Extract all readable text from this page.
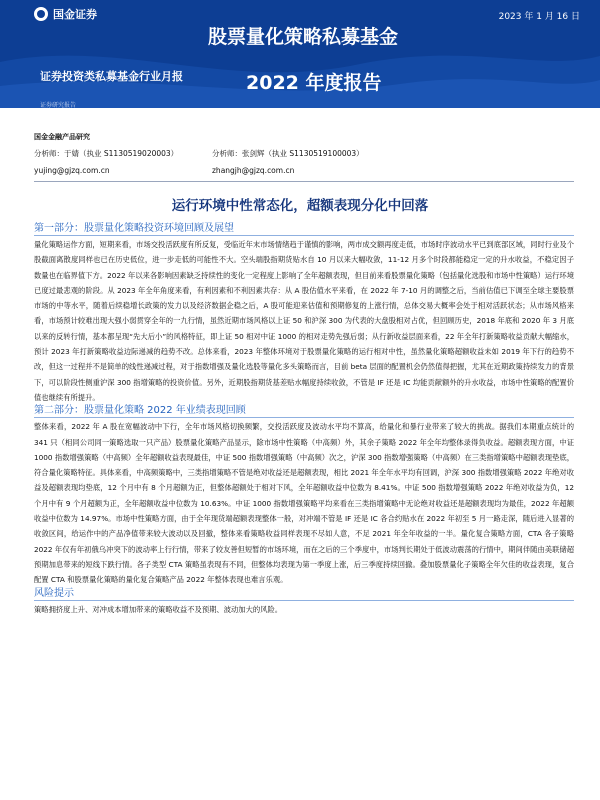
国金证券	2023 年 1 月 16 日
股票量化策略私募基金
2022 年度报告
证券投资类私募基金行业月报
证券研究报告
国金金融产品研究
分析师：于婧（执业 S1130519020003）	分析师：张剑辉（执业 S1130519100003）
yujing@gjzq.com.cn	zhangjh@gjzq.com.cn
运行环境中性常态化，超额表现分化中回落
第一部分：股票量化策略投资环境回顾及展望

量化策略运作方面，短期来看，市场交投活跃度有所反复，受临近年末市场情绪趋于谨慎的影响，两市成交额再度走低，市场时序波动水平已到底部区域，同时行业及个股截面离散度同样也已在历史低位，进一步走低的可能性不大。空头端股指期货贴水自 10 月以来大幅收敛，11-12 月多个时段都能稳定一定的升水收益，不稳定因子数量也在临界值下方。2022 年以来各影响因素缺乏持续性的变化一定程度上影响了全年超额表现，但目前来看股票量化策略（包括量化选股和市场中性策略）运行环境已度过最悲观的阶段。从 2023 年全年角度来看，有利因素和不利因素共存：从 A 股估值水平来看，在 2022 年 7-10 月的调整之后，当前估值已下调至全球主要股票市场的中等水平，随着后续稳增长政策的发力以及经济数据企稳之后，A 股可能迎来估值和预期修复的上涨行情，总体交易大概率会处于相对活跃状态；从市场风格来看，市场预计较难出现大强小弱贯穿全年的一九行情，虽然近期市场风格以上证 50 和沪深 300 为代表的大盘股相对占优，但回顾历史，2018 年底和 2020 年 3 月底以来的反转行情，基本都呈现“先大后小”的风格特征，即上证 50 相对中证 1000 的相对走势先强后弱；从行新收益层面来看，22 年全年打新策略收益贡献大幅缩水，预计 2023 年打新策略收益边际递减的趋势不改。总体来看，2023 年整体环境对于股票量化策略的运行相对中性，虽然量化策略超额收益未如 2019 年下行的趋势不改，但这一过程并不是简单的线性递减过程，对于指数增强及量化选股等量化多头策略而言，目前 beta 层面的配置机会仍然值得把握，尤其在近期政策持续发力的背景下，可以阶段性侧重沪深 300 指增策略的投资价值。另外，近期股指期货基差贴水幅度持续收敛，不管是 IF 还是 IC 均能贡献额外的升水收益，市场中性策略的配置价值也继续有所提升。

第二部分：股票量化策略 2022 年业绩表现回顾

整体来看，2022 年 A 股在宽幅波动中下行，全年市场风格切换频繁，交投活跃度及波动水平均不算高，给量化和暴行业带来了较大的挑战。据我们本期重点统计的 341 只（相同公司同一策略选取一只产品）股票量化策略产品显示，除市场中性策略（中高频）外，其余子策略 2022 年全年均整体录得负收益。超额表现方面，中证 1000 指数增强策略（中高频）全年超额收益表现最佳，中证 500 指数增强策略（中高频）次之，沪深 300 指数增强策略（中高频）在三类指增策略中超额表现垫底，符合量化策略特征。具体来看，中高频策略中，三类指增策略不管是绝对收益还是超额表现，相比 2021 年全年水平均有回调，沪深 300 指数增强策略 2022 年绝对收益及超额表现均垫底，12 个月中有 8 个月超额为正，但整体超额处于相对下风，全年超额收益中位数为 8.41%。中证 500 指数增强策略 2022 年绝对收益为负，12 个月中有 9 个月超额为正，全年超额收益中位数为 10.63%。中证 1000 指数增强策略平均来看在三类指增策略中无论绝对收益还是超额表现均为最佳，2022 年超额收益中位数为 14.97%。市场中性策略方面，由于全年现货端超额表现整体一般，对冲端不管是 IF 还是 IC 各合约贴水在 2022 年初至 5 月一路走深，随后进入显著的收敛区间，给运作中的产品净值带来较大波动以及回撤，整体来看策略收益同样表现不尽如人意，不足 2021 年全年收益的一半。量化复合策略方面，CTA 各子策略 2022 年仅有年初俄乌冲突下的波动率上行行情，带来了较友善但短暂的市场环境，而在之后的三个季度中，市场判长期处于低波动震荡的行情中，期间伴随由美联储超预期加息带来的短线下跌行情。各子类型 CTA 策略虽表现有不同，但整体均表现为第一季度上涨，后三季度持续回撤。叠加股票量化子策略全年欠佳的收益表现，复合配置 CTA 和股票量化策略的量化复合策略产品 2022 年整体表现也难言乐观。

风险提示

策略拥挤度上升、对冲成本增加带来的策略收益不及预期、波动加大的风险。
